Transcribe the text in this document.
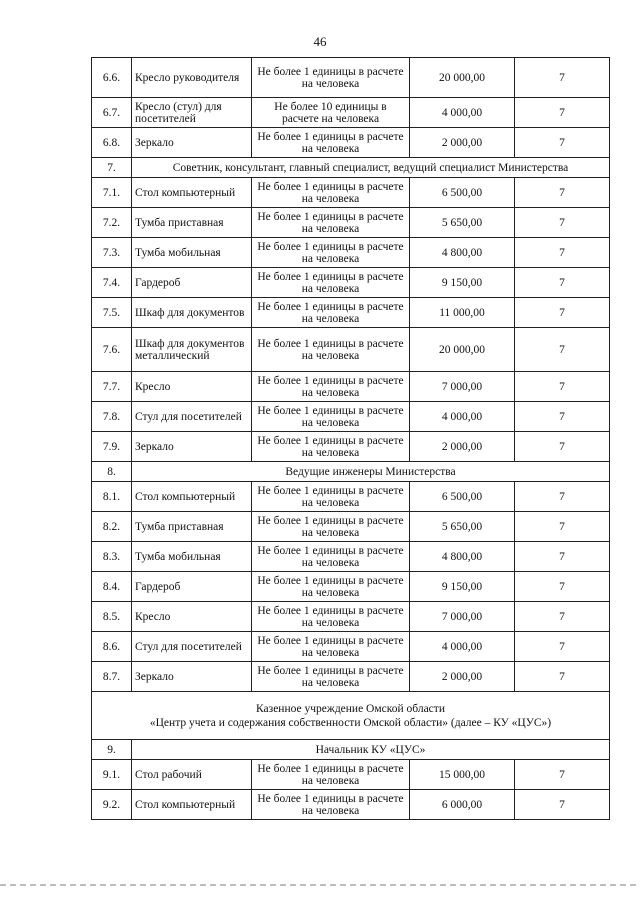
46
6.6.	Кресло руководителя	Не более 1 единицы в расчете на человека	20 000,00	7
6.7.	Кресло (стул) для посетителей	Не более 10 единицы в расчете на человека	4 000,00	7
6.8.	Зеркало	Не более 1 единицы в расчете на человека	2 000,00	7
7.	Советник, консультант, главный специалист, ведущий специалист Министерства			
7.1.	Стол компьютерный	Не более 1 единицы в расчете на человека	6 500,00	7
7.2.	Тумба приставная	Не более 1 единицы в расчете на человека	5 650,00	7
7.3.	Тумба мобильная	Не более 1 единицы в расчете на человека	4 800,00	7
7.4.	Гардероб	Не более 1 единицы в расчете на человека	9 150,00	7
7.5.	Шкаф для документов	Не более 1 единицы в расчете на человека	11 000,00	7
7.6.	Шкаф для документов металлический	Не более 1 единицы в расчете на человека	20 000,00	7
7.7.	Кресло	Не более 1 единицы в расчете на человека	7 000,00	7
7.8.	Стул для посетителей	Не более 1 единицы в расчете на человека	4 000,00	7
7.9.	Зеркало	Не более 1 единицы в расчете на человека	2 000,00	7
8.	Ведущие инженеры Министерства			
8.1.	Стол компьютерный	Не более 1 единицы в расчете на человека	6 500,00	7
8.2.	Тумба приставная	Не более 1 единицы в расчете на человека	5 650,00	7
8.3.	Тумба мобильная	Не более 1 единицы в расчете на человека	4 800,00	7
8.4.	Гардероб	Не более 1 единицы в расчете на человека	9 150,00	7
8.5.	Кресло	Не более 1 единицы в расчете на человека	7 000,00	7
8.6.	Стул для посетителей	Не более 1 единицы в расчете на человека	4 000,00	7
8.7.	Зеркало	Не более 1 единицы в расчете на человека	2 000,00	7

Казенное учреждение Омской области
«Центр учета и содержания собственности Омской области» (далее – КУ «ЦУС»)				

9.	Начальник КУ «ЦУС»			
9.1.	Стол рабочий	Не более 1 единицы в расчете на человека	15 000,00	7
9.2.	Стол компьютерный	Не более 1 единицы в расчете на человека	6 000,00	7
